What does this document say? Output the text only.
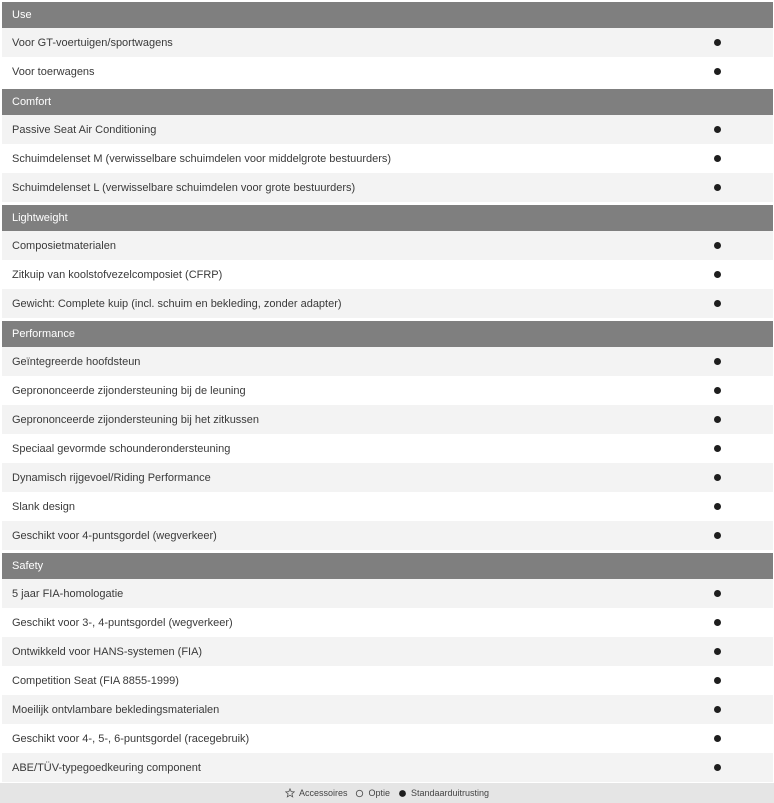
Use
Voor GT-voertuigen/sportwagens
Voor toerwagens
Comfort
Passive Seat Air Conditioning
Schuimdelenset M (verwisselbare schuimdelen voor middelgrote bestuurders)
Schuimdelenset L (verwisselbare schuimdelen voor grote bestuurders)
Lightweight
Composietmaterialen
Zitkuip van koolstofvezelcomposiet (CFRP)
Gewicht: Complete kuip (incl. schuim en bekleding, zonder adapter)
Performance
Geïntegreerde hoofdsteun
Geprononceerde zijondersteuning bij de leuning
Geprononceerde zijondersteuning bij het zitkussen
Speciaal gevormde schounderondersteuning
Dynamisch rijgevoel/Riding Performance
Slank design
Geschikt voor 4-puntsgordel (wegverkeer)
Safety
5 jaar FIA-homologatie
Geschikt voor 3-, 4-puntsgordel (wegverkeer)
Ontwikkeld voor HANS-systemen (FIA)
Competition Seat (FIA 8855-1999)
Moeilijk ontvlambare bekledingsmaterialen
Geschikt voor 4-, 5-, 6-puntsgordel (racegebruik)
ABE/TÜV-typegoedkeuring component
Accessoires Optie Standaarduitrusting
